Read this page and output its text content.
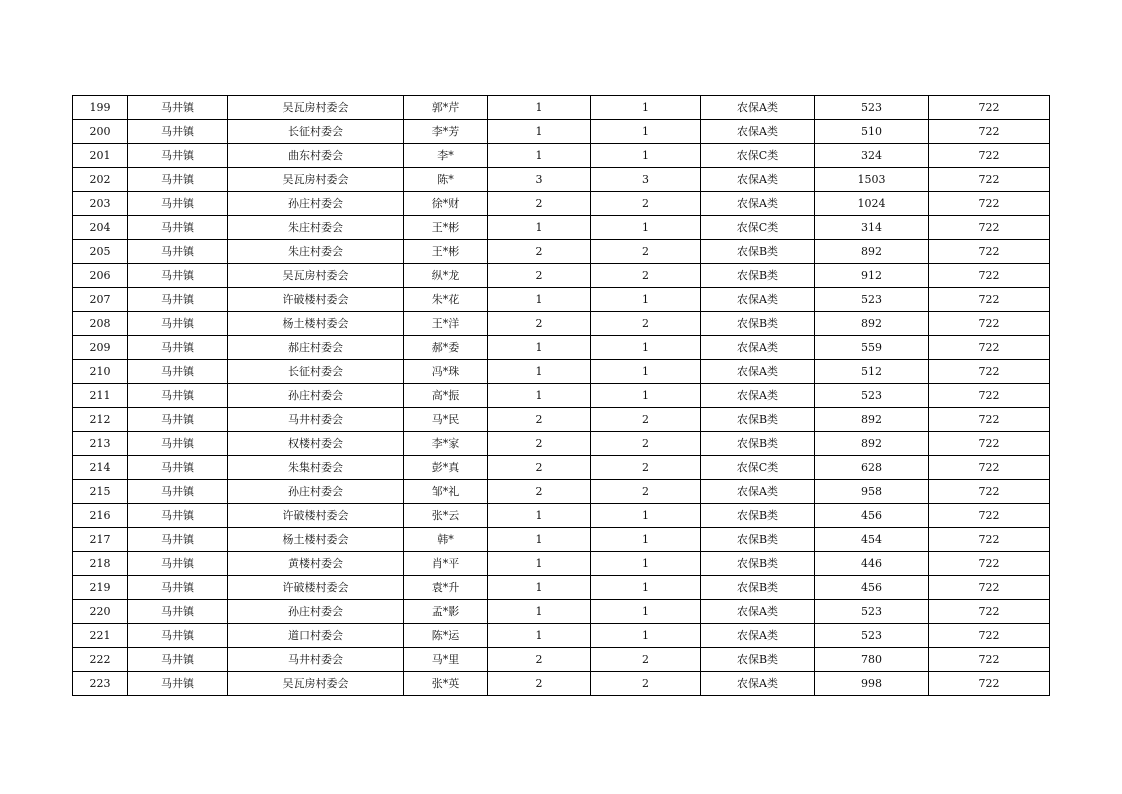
199	马井镇	吴瓦房村委会	郭*芹	1	1	农保A类	523	722
200	马井镇	长征村委会	李*芳	1	1	农保A类	510	722
201	马井镇	曲东村委会	李*	1	1	农保C类	324	722
202	马井镇	吴瓦房村委会	陈*	3	3	农保A类	1503	722
203	马井镇	孙庄村委会	徐*财	2	2	农保A类	1024	722
204	马井镇	朱庄村委会	王*彬	1	1	农保C类	314	722
205	马井镇	朱庄村委会	王*彬	2	2	农保B类	892	722
206	马井镇	吴瓦房村委会	纵*龙	2	2	农保B类	912	722
207	马井镇	许破楼村委会	朱*花	1	1	农保A类	523	722
208	马井镇	杨土楼村委会	王*洋	2	2	农保B类	892	722
209	马井镇	郝庄村委会	郝*委	1	1	农保A类	559	722
210	马井镇	长征村委会	冯*珠	1	1	农保A类	512	722
211	马井镇	孙庄村委会	高*振	1	1	农保A类	523	722
212	马井镇	马井村委会	马*民	2	2	农保B类	892	722
213	马井镇	权楼村委会	李*家	2	2	农保B类	892	722
214	马井镇	朱集村委会	彭*真	2	2	农保C类	628	722
215	马井镇	孙庄村委会	邹*礼	2	2	农保A类	958	722
216	马井镇	许破楼村委会	张*云	1	1	农保B类	456	722
217	马井镇	杨土楼村委会	韩*	1	1	农保B类	454	722
218	马井镇	黄楼村委会	肖*平	1	1	农保B类	446	722
219	马井镇	许破楼村委会	袁*升	1	1	农保B类	456	722
220	马井镇	孙庄村委会	孟*影	1	1	农保A类	523	722
221	马井镇	道口村委会	陈*运	1	1	农保A类	523	722
222	马井镇	马井村委会	马*里	2	2	农保B类	780	722
223	马井镇	吴瓦房村委会	张*英	2	2	农保A类	998	722
